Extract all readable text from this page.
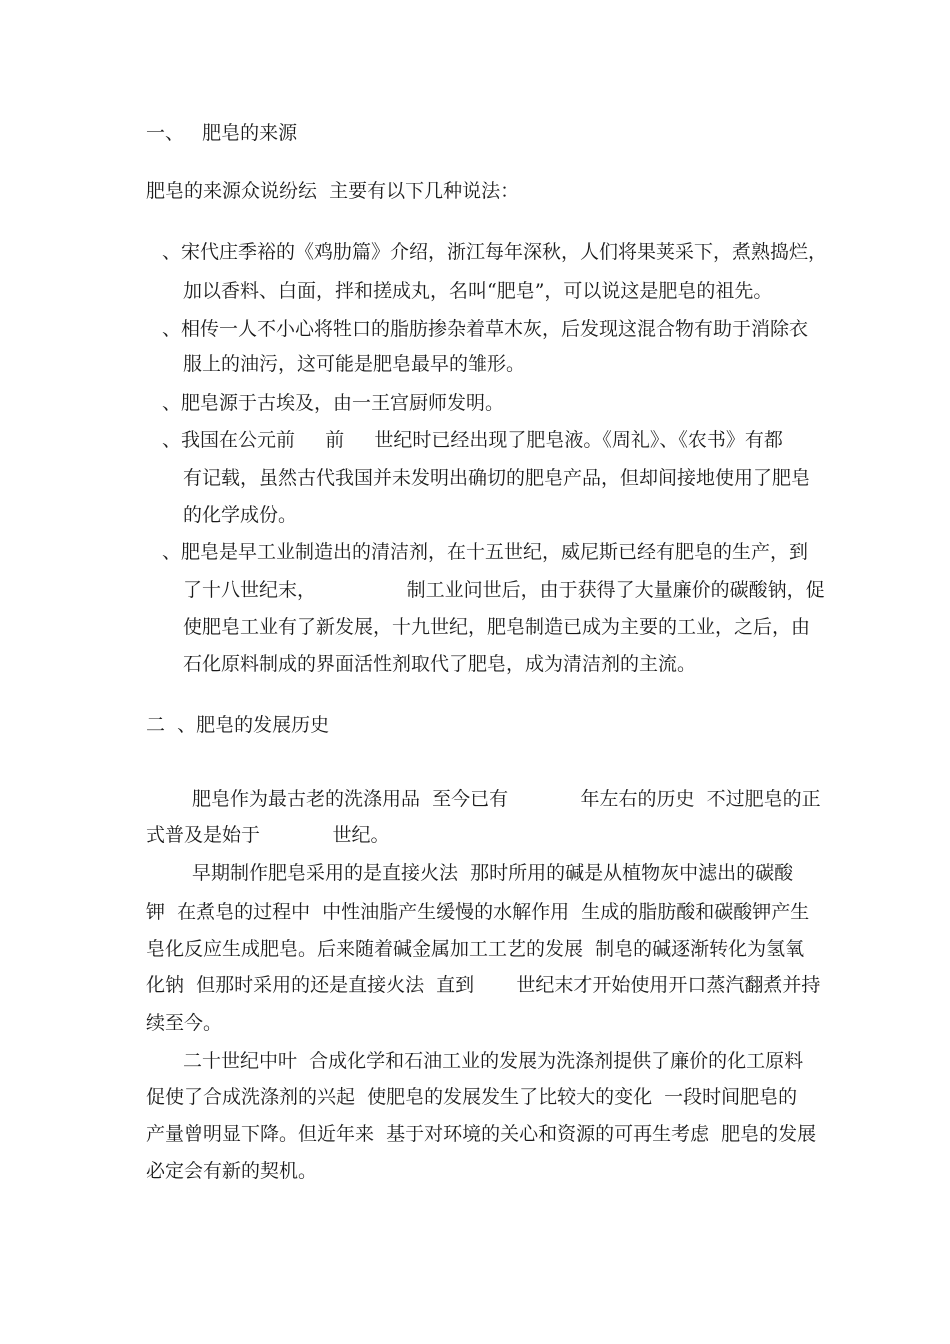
一、   肥皂的来源
肥皂的来源众说纷纭  主要有以下几种说法：
、宋代庄季裕的《鸡肋篇》介绍，浙江每年深秋，人们将果荚采下，煮熟捣烂，
加以香料、白面，拌和搓成丸，名叫“肥皂”，可以说这是肥皂的祖先。
、相传一人不小心将牲口的脂肪掺杂着草木灰，后发现这混合物有助于消除衣
服上的油污，这可能是肥皂最早的雏形。
、肥皂源于古埃及，由一王宫厨师发明。
、我国在公元前     前     世纪时已经出现了肥皂液。《周礼》、《农书》有都
有记载，虽然古代我国并未发明出确切的肥皂产品，但却间接地使用了肥皂
的化学成份。
、肥皂是早工业制造出的清洁剂，在十五世纪，威尼斯已经有肥皂的生产，到
了十八世纪末，               制工业问世后，由于获得了大量廉价的碳酸钠，促
使肥皂工业有了新发展，十九世纪，肥皂制造已成为主要的工业，之后，由
石化原料制成的界面活性剂取代了肥皂，成为清洁剂的主流。
二  、肥皂的发展历史
肥皂作为最古老的洗涤用品  至今已有            年左右的历史  不过肥皂的正
式普及是始于            世纪。
早期制作肥皂采用的是直接火法  那时所用的碱是从植物灰中滤出的碳酸
钾  在煮皂的过程中  中性油脂产生缓慢的水解作用  生成的脂肪酸和碳酸钾产生
皂化反应生成肥皂。后来随着碱金属加工工艺的发展  制皂的碱逐渐转化为氢氧
化钠  但那时采用的还是直接火法  直到       世纪末才开始使用开口蒸汽翻煮并持
续至今。
二十世纪中叶  合成化学和石油工业的发展为洗涤剂提供了廉价的化工原料
促使了合成洗涤剂的兴起  使肥皂的发展发生了比较大的变化  一段时间肥皂的
产量曾明显下降。但近年来  基于对环境的关心和资源的可再生考虑  肥皂的发展
必定会有新的契机。
